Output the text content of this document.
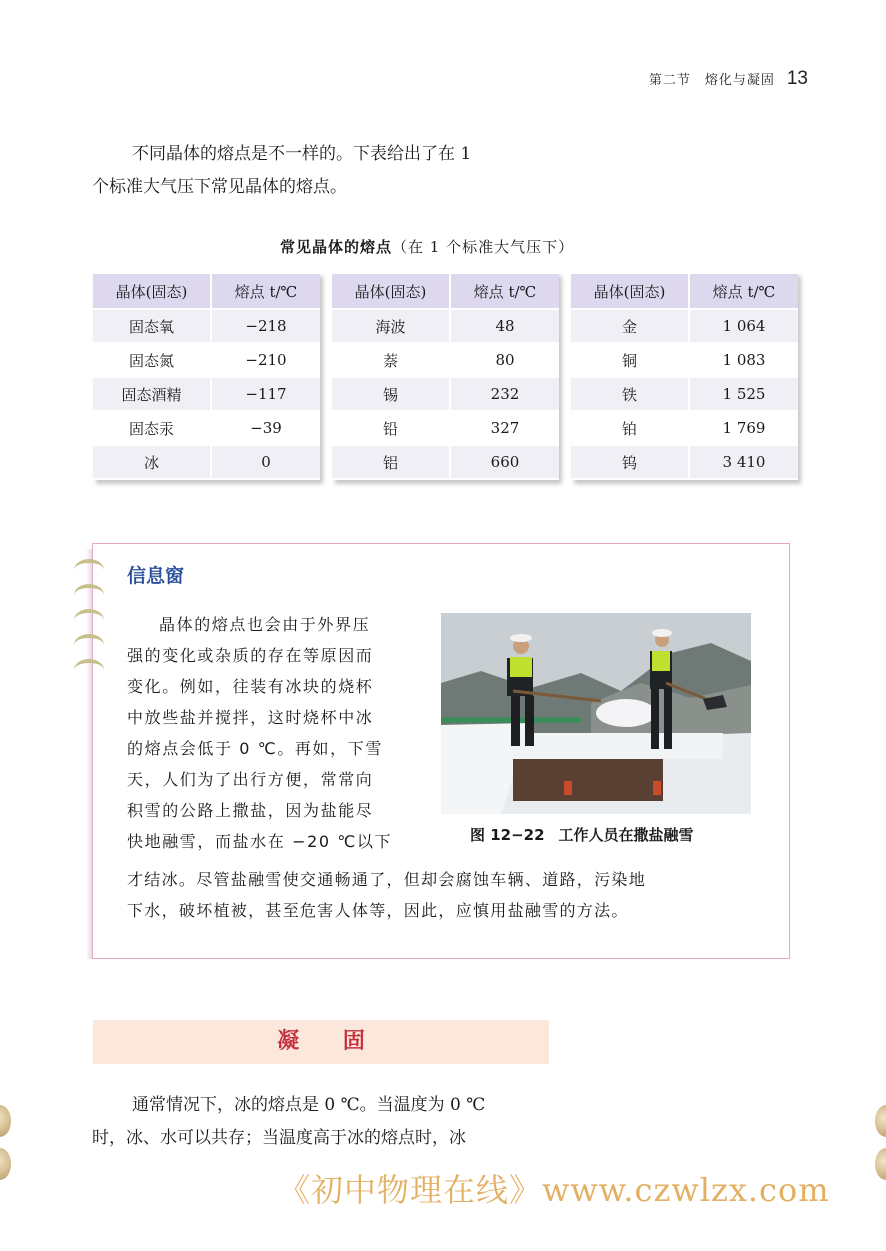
第二节　熔化与凝固 13
不同晶体的熔点是不一样的。下表给出了在 1
个标准大气压下常见晶体的熔点。
常见晶体的熔点（在 1 个标准大气压下）
晶体(固态)	熔点 t/℃
固态氧	−218
固态氮	−210
固态酒精	−117
固态汞	−39
冰	0
晶体(固态)	熔点 t/℃
海波	48
萘	80
锡	232
铅	327
铝	660
晶体(固态)	熔点 t/℃
金	1 064
铜	1 083
铁	1 525
铂	1 769
钨	3 410
信息窗
晶体的熔点也会由于外界压
强的变化或杂质的存在等原因而
变化。例如，往装有冰块的烧杯
中放些盐并搅拌，这时烧杯中冰
的熔点会低于 0 ℃。再如，下雪
天，人们为了出行方便，常常向
积雪的公路上撒盐，因为盐能尽
快地融雪，而盐水在 −20 ℃以下	图 12−22 工作人员在撒盐融雪
才结冰。尽管盐融雪使交通畅通了，但却会腐蚀车辆、道路，污染地
下水，破坏植被，甚至危害人体等，因此，应慎用盐融雪的方法。
凝 固
通常情况下，冰的熔点是 0 ℃。当温度为 0 ℃
时，冰、水可以共存；当温度高于冰的熔点时，冰
《初中物理在线》www.czwlzx.com
